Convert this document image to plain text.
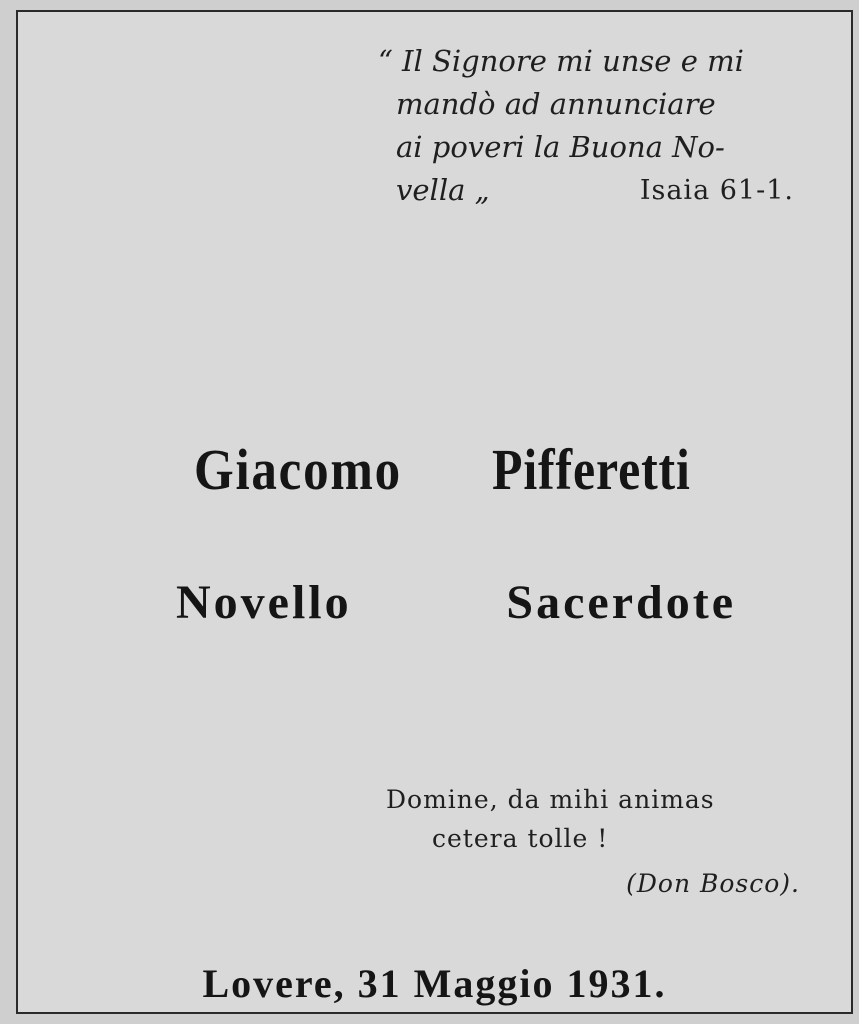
“ Il Signore mi unse e mi
mandò ad annunciare
ai poveri la Buona No-
vella „	Isaia 61-1.
Giacomo Pifferetti
Novello	Sacerdote
Domine, da mihi animas
cetera tolle !
(Don Bosco).
Lovere, 31 Maggio 1931.
